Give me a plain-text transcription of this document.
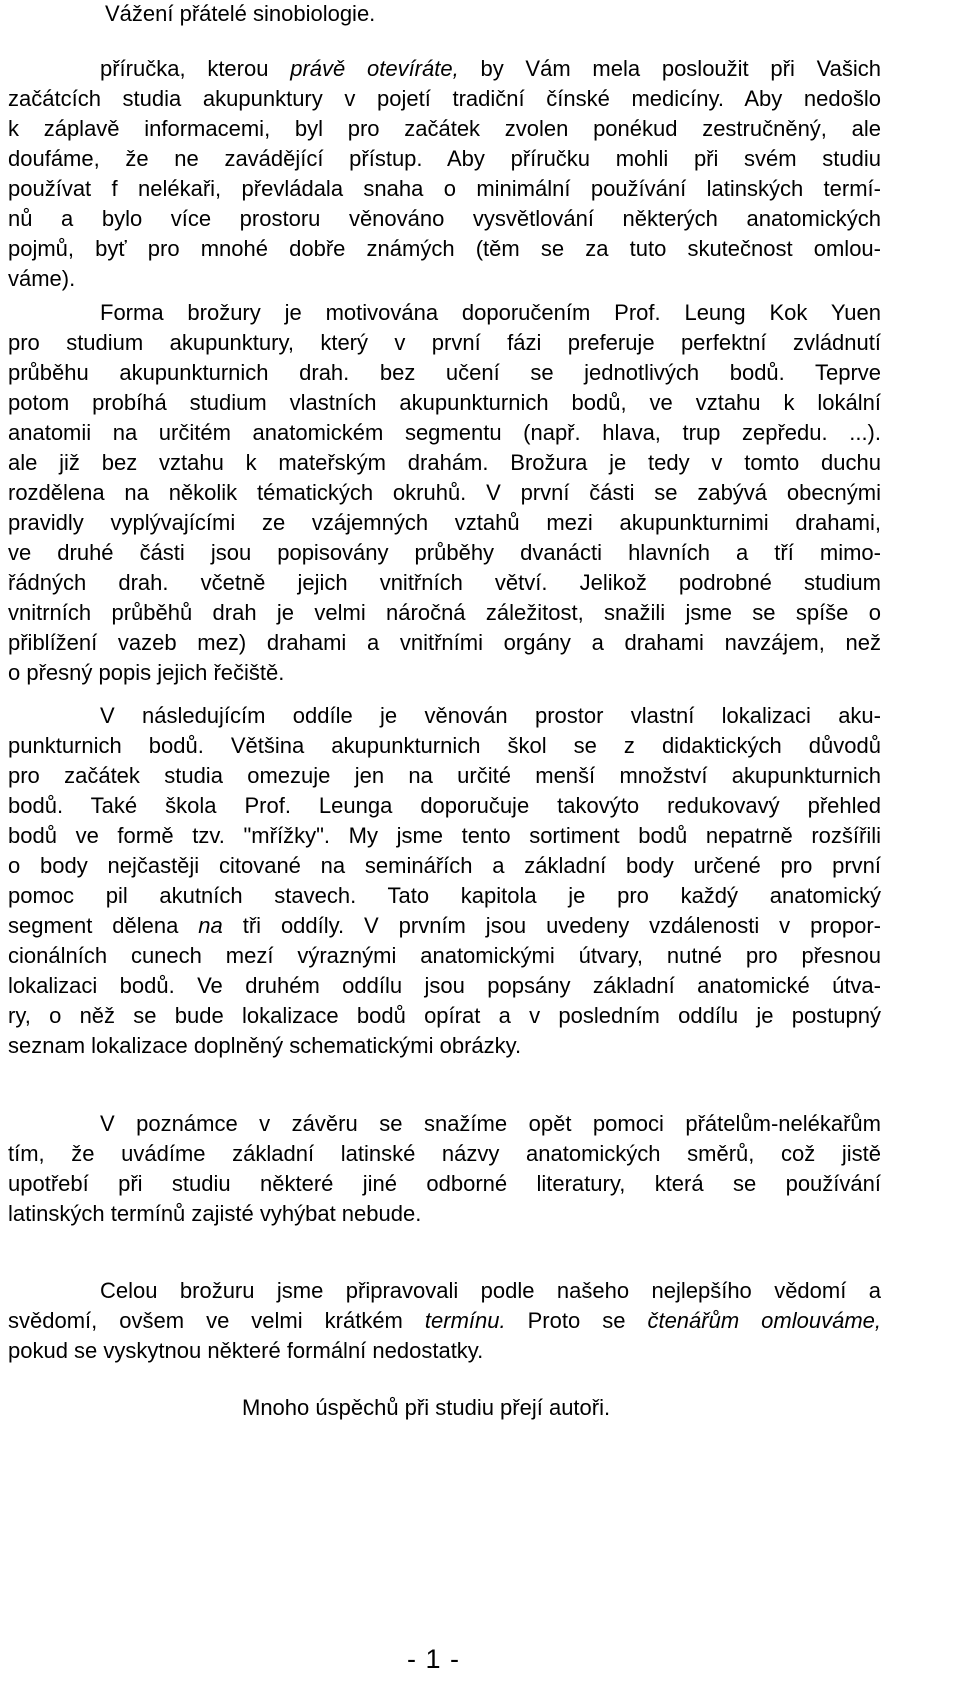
Vážení přátelé sinobiologie.
příručka, kterou právě otevíráte, by Vám mela posloužit při Vašich
začátcích studia akupunktury v pojetí tradiční čínské medicíny. Aby nedošlo
k záplavě informacemi, byl pro začátek zvolen ponékud zestručněný, ale
doufáme, že ne zavádějící přístup. Aby příručku mohli při svém studiu
používat f nelékaři, převládala snaha o minimální používání latinských termí-
nů a bylo více prostoru věnováno vysvětlování některých anatomických
pojmů, byť pro mnohé dobře známých (těm se za tuto skutečnost omlou-
váme).
Forma brožury je motivována doporučením Prof. Leung Kok Yuen
pro studium akupunktury, který v první fázi preferuje perfektní zvládnutí
průběhu akupunkturnich drah. bez učení se jednotlivých bodů. Teprve
potom probíhá studium vlastních akupunkturnich bodů, ve vztahu k lokální
anatomii na určitém anatomickém segmentu (např. hlava, trup zepředu. ...).
ale již bez vztahu k mateřským drahám. Brožura je tedy v tomto duchu
rozdělena na několik tématických okruhů. V první části se zabývá obecnými
pravidly vyplývajícími ze vzájemných vztahů mezi akupunkturnimi drahami,
ve druhé části jsou popisovány průběhy dvanácti hlavních a tří mimo-
řádných drah. včetně jejich vnitřních větví. Jelikož podrobné studium
vnitrních průběhů drah je velmi náročná záležitost, snažili jsme se spíše o
přiblížení vazeb mez) drahami a vnitřními orgány a drahami navzájem, než
o přesný popis jejich řečiště.
V následujícím oddíle je věnován prostor vlastní lokalizaci aku-
punkturnich bodů. Většina akupunkturnich škol se z didaktických důvodů
pro začátek studia omezuje jen na určité menší množství akupunkturnich
bodů. Také škola Prof. Leunga doporučuje takovýto redukovavý přehled
bodů ve formě tzv. "mřížky". My jsme tento sortiment bodů nepatrně rozšířili
o body nejčastěji citované na seminářích a základní body určené pro první
pomoc pil akutních stavech. Tato kapitola je pro každý anatomický
segment dělena na tři oddíly. V prvním jsou uvedeny vzdálenosti v propor-
cionálních cunech mezí výraznými anatomickými útvary, nutné pro přesnou
lokalizaci bodů. Ve druhém oddílu jsou popsány základní anatomické útva-
ry, o něž se bude lokalizace bodů opírat a v posledním oddílu je postupný
seznam lokalizace doplněný schematickými obrázky.
V poznámce v závěru se snažíme opět pomoci přátelům-nelékařům
tím, že uvádíme základní latinské názvy anatomických směrů, což jistě
upotřebí při studiu některé jiné odborné literatury, která se používání
latinských termínů zajisté vyhýbat nebude.
Celou brožuru jsme připravovali podle našeho nejlepšího vědomí a
svědomí, ovšem ve velmi krátkém termínu. Proto se čtenářům omlouváme,
pokud se vyskytnou některé formální nedostatky.
Mnoho úspěchů při studiu přejí autoři.
- 1 -
